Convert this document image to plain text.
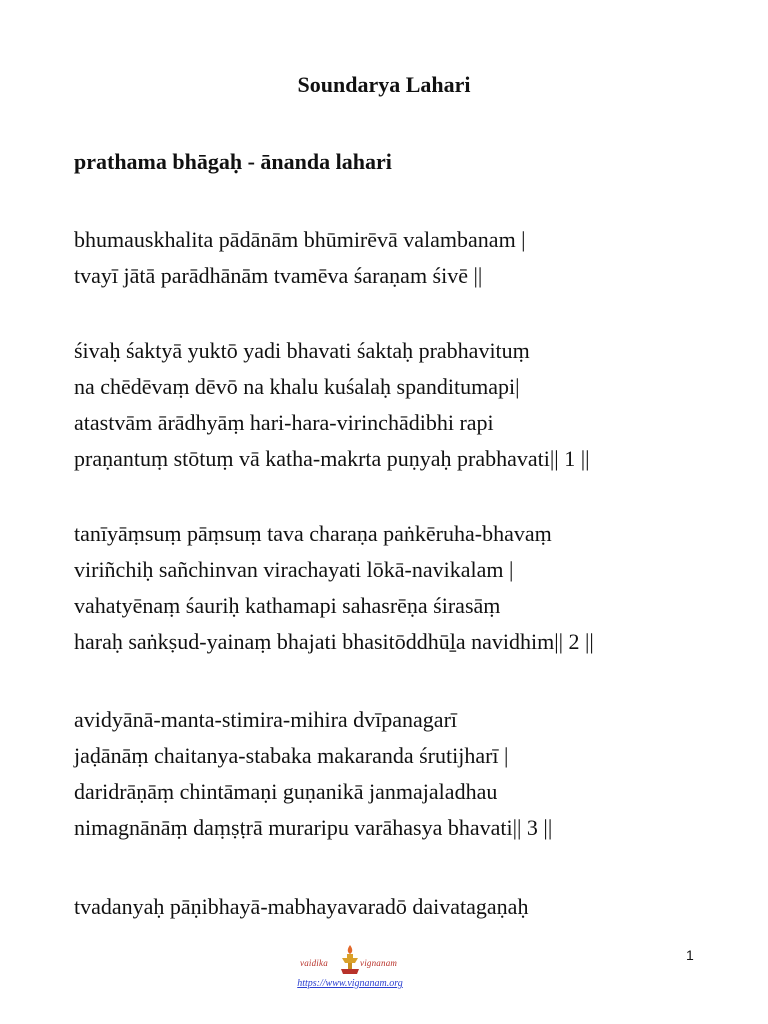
Soundarya Lahari
prathama bhāgaḥ - ānanda lahari
bhumauskhalita pādānām bhūmirēvā valambanam |
tvayī jātā parādhānām tvamēva śaraṇam śivē ||
śivaḥ śaktyā yuktō yadi bhavati śaktaḥ prabhavituṃ
na chēdēvaṃ dēvō na khalu kuśalaḥ spanditumapi|
atastvām ārādhyāṃ hari-hara-virinchādibhi rapi
praṇantuṃ stōtuṃ vā katha-makrta puṇyaḥ prabhavati|| 1 ||
tanīyāṃsuṃ pāṃsuṃ tava charaṇa paṅkēruha-bhavaṃ
viriñchiḥ sañchinvan virachayati lōkā-navikalam |
vahatyēnaṃ śauriḥ kathamapi sahasrēṇa śirasāṃ
haraḥ saṅkṣud-yainaṃ bhajati bhasitōddhūḻa navidhim|| 2 ||
avidyānā-manta-stimira-mihira dvīpanagarī
jaḍānāṃ chaitanya-stabaka makaranda śrutijharī |
daridrāṇāṃ chintāmaṇi guṇanikā janmajaladhau
nimagnānāṃ daṃṣṭrā muraripu varāhasya bhavati|| 3 ||
tvadanyaḥ pāṇibhayā-mabhayavaradō daivatagaṇaḥ
vaidika	vignanam	1
https://www.vignanam.org
